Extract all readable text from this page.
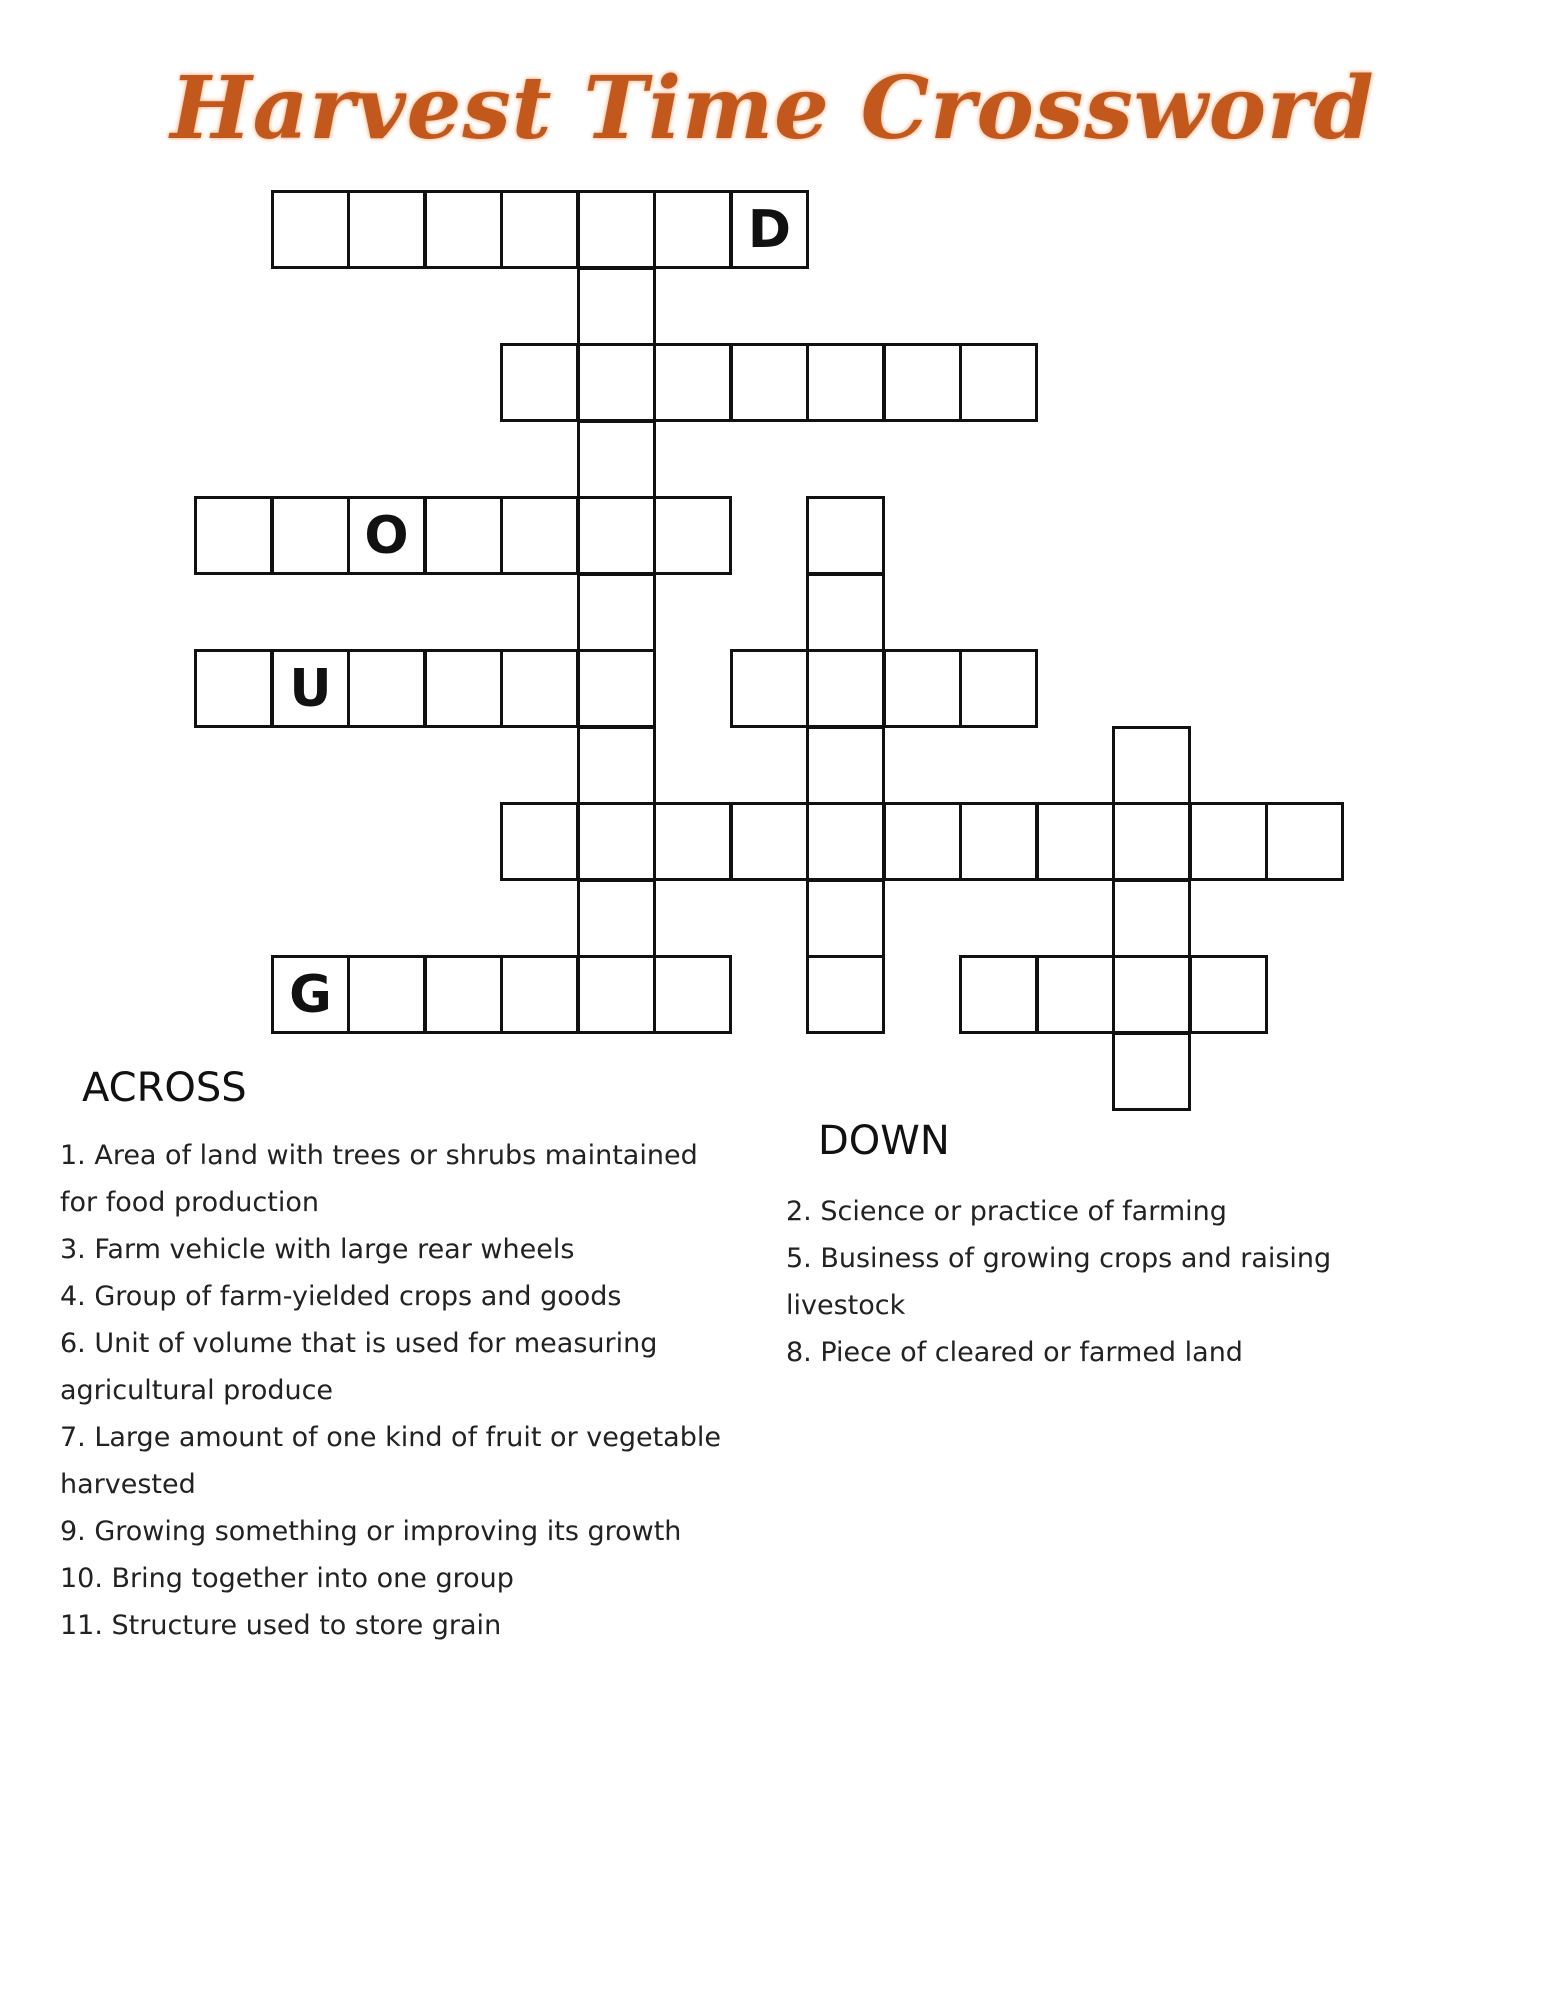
Harvest Time Crossword
D
O
U
G
ACROSS
1. Area of land with trees or shrubs maintained
for food production
3. Farm vehicle with large rear wheels
4. Group of farm-yielded crops and goods
6. Unit of volume that is used for measuring
agricultural produce
7. Large amount of one kind of fruit or vegetable
harvested
9. Growing something or improving its growth
10. Bring together into one group
11. Structure used to store grain
DOWN
2. Science or practice of farming
5. Business of growing crops and raising
livestock
8. Piece of cleared or farmed land
